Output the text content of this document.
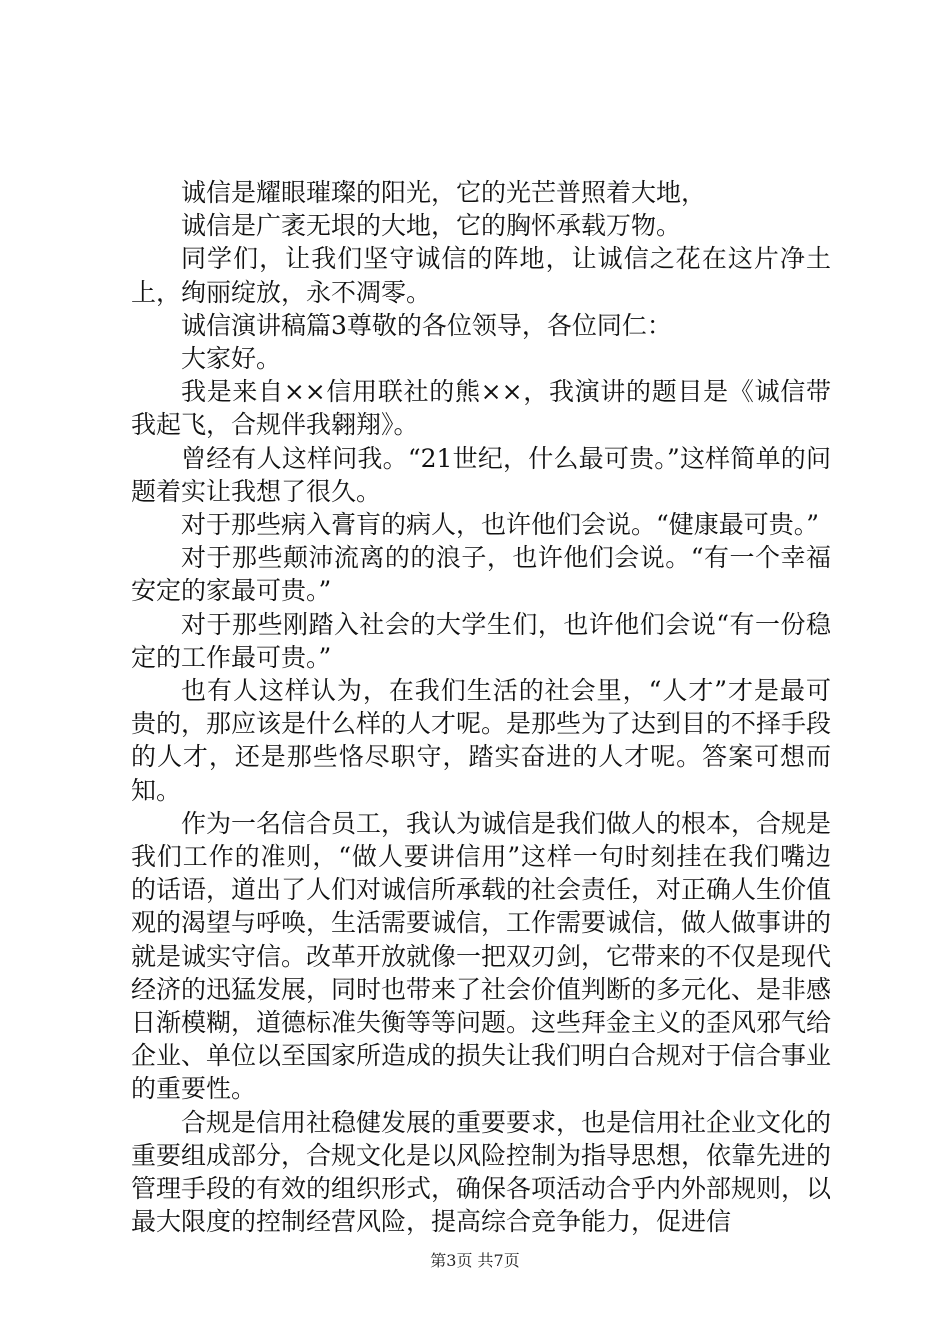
诚信是耀眼璀璨的阳光，它的光芒普照着大地，

诚信是广袤无垠的大地，它的胸怀承载万物。

同学们，让我们坚守诚信的阵地，让诚信之花在这片净土上，绚丽绽放，永不凋零。

诚信演讲稿篇3尊敬的各位领导，各位同仁：

大家好。

我是来自××信用联社的熊××，我演讲的题目是《诚信带我起飞，合规伴我翱翔》。

曾经有人这样问我。“21世纪，什么最可贵。”这样简单的问题着实让我想了很久。

对于那些病入膏肓的病人，也许他们会说。“健康最可贵。”

对于那些颠沛流离的的浪子，也许他们会说。“有一个幸福安定的家最可贵。”

对于那些刚踏入社会的大学生们，也许他们会说“有一份稳定的工作最可贵。”

也有人这样认为，在我们生活的社会里，“人才”才是最可贵的，那应该是什么样的人才呢。是那些为了达到目的不择手段的人才，还是那些恪尽职守，踏实奋进的人才呢。答案可想而知。

作为一名信合员工，我认为诚信是我们做人的根本，合规是我们工作的准则，“做人要讲信用”这样一句时刻挂在我们嘴边的话语，道出了人们对诚信所承载的社会责任，对正确人生价值观的渴望与呼唤，生活需要诚信，工作需要诚信，做人做事讲的就是诚实守信。改革开放就像一把双刃剑，它带来的不仅是现代经济的迅猛发展，同时也带来了社会价值判断的多元化、是非感日渐模糊，道德标准失衡等等问题。这些拜金主义的歪风邪气给企业、单位以至国家所造成的损失让我们明白合规对于信合事业的重要性。

合规是信用社稳健发展的重要要求，也是信用社企业文化的重要组成部分，合规文化是以风险控制为指导思想，依靠先进的管理手段的有效的组织形式，确保各项活动合乎内外部规则，以最大限度的控制经营风险，提高综合竞争能力，促进信

第3页 共7页
